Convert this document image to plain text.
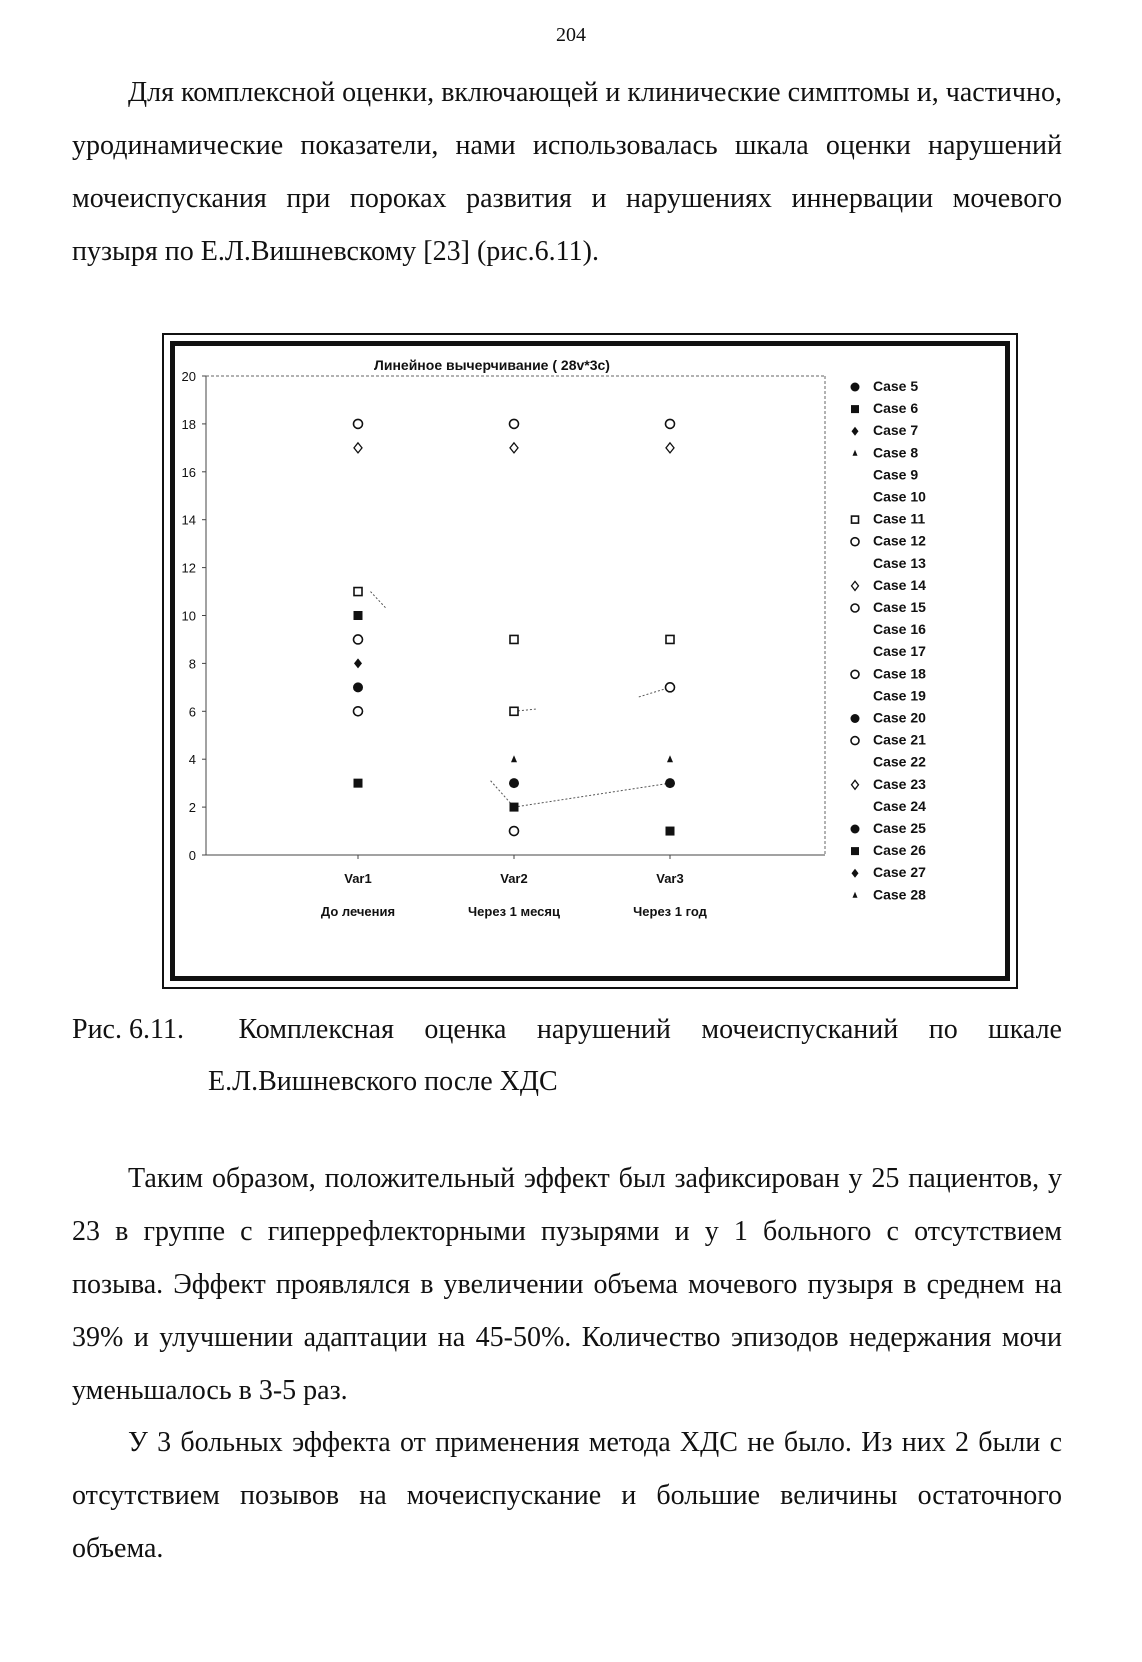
204

Для комплексной оценки, включающей и клинические симптомы и, частично, уродинамические показатели, нами использовалась шкала оценки нарушений мочеиспускания при пороках развития и нарушениях иннервации мочевого пузыря по Е.Л.Вишневскому [23] (рис.6.11).

Линейное вычерчивание ( 28v*3c)
0
2
4
6
8
10
12
14
16
18
20
Var1
До лечения
Var2
Через 1 месяц
Var3
Через 1 год
Case 5
Case 6
Case 7
Case 8
Case 9
Case 10
Case 11
Case 12
Case 13
Case 14
Case 15
Case 16
Case 17
Case 18
Case 19
Case 20
Case 21
Case 22
Case 23
Case 24
Case 25
Case 26
Case 27
Case 28
Рис. 6.11.	Комплексная оценка нарушений мочеиспусканий по шкале
Е.Л.Вишневского после ХДС

Таким образом, положительный эффект был зафиксирован у 25 пациентов, у 23 в группе с гиперрефлекторными пузырями и у 1 больного с отсутствием позыва. Эффект проявлялся в увеличении объема мочевого пузыря в среднем на 39% и улучшении адаптации на 45-50%. Количество эпизодов недержания мочи уменьшалось в 3-5 раз.

У 3 больных эффекта от применения метода ХДС не было. Из них 2 были с отсутствием позывов на мочеиспускание и большие величины остаточного объема.
